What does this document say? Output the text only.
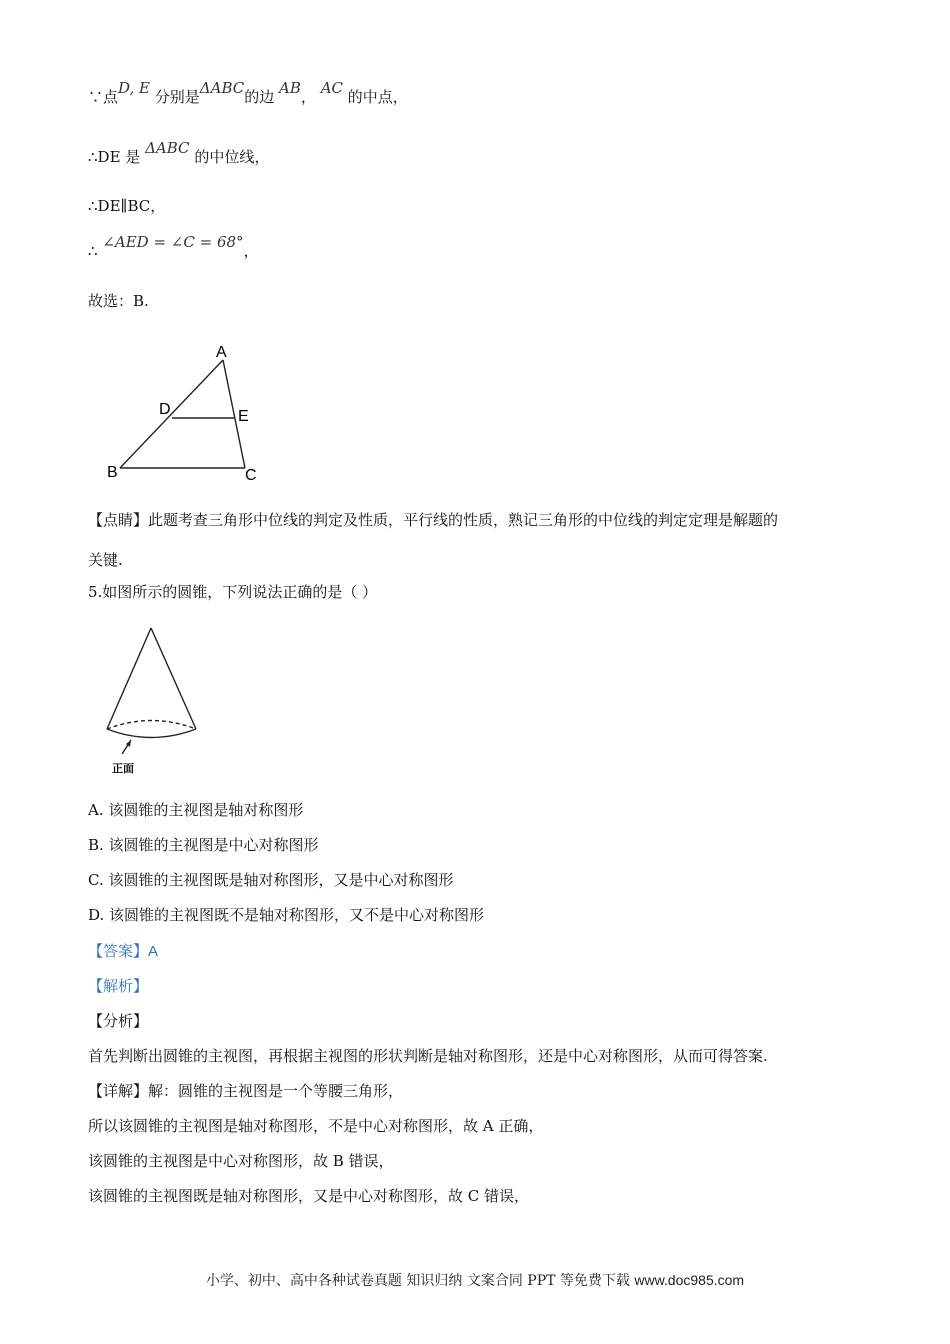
∵点D, E 分别是ΔABC的边 AB， AC 的中点，
∴DE 是 ΔABC 的中位线，
∴DE∥BC，
∴ ∠AED = ∠C = 68°，
故选：B.
A
D	E
B	C
【点睛】此题考查三角形中位线的判定及性质，平行线的性质，熟记三角形的中位线的判定定理是解题的
关键.
5.如图所示的圆锥，下列说法正确的是（ ）
正面
A. 该圆锥的主视图是轴对称图形
B. 该圆锥的主视图是中心对称图形
C. 该圆锥的主视图既是轴对称图形，又是中心对称图形
D. 该圆锥的主视图既不是轴对称图形，又不是中心对称图形
【答案】A
【解析】
【分析】
首先判断出圆锥的主视图，再根据主视图的形状判断是轴对称图形，还是中心对称图形，从而可得答案.
【详解】解：圆锥的主视图是一个等腰三角形，
所以该圆锥的主视图是轴对称图形，不是中心对称图形，故 A 正确，
该圆锥的主视图是中心对称图形，故 B 错误，
该圆锥的主视图既是轴对称图形，又是中心对称图形，故 C 错误，
小学、初中、高中各种试卷真题 知识归纳 文案合同 PPT 等免费下载 www.doc985.com
